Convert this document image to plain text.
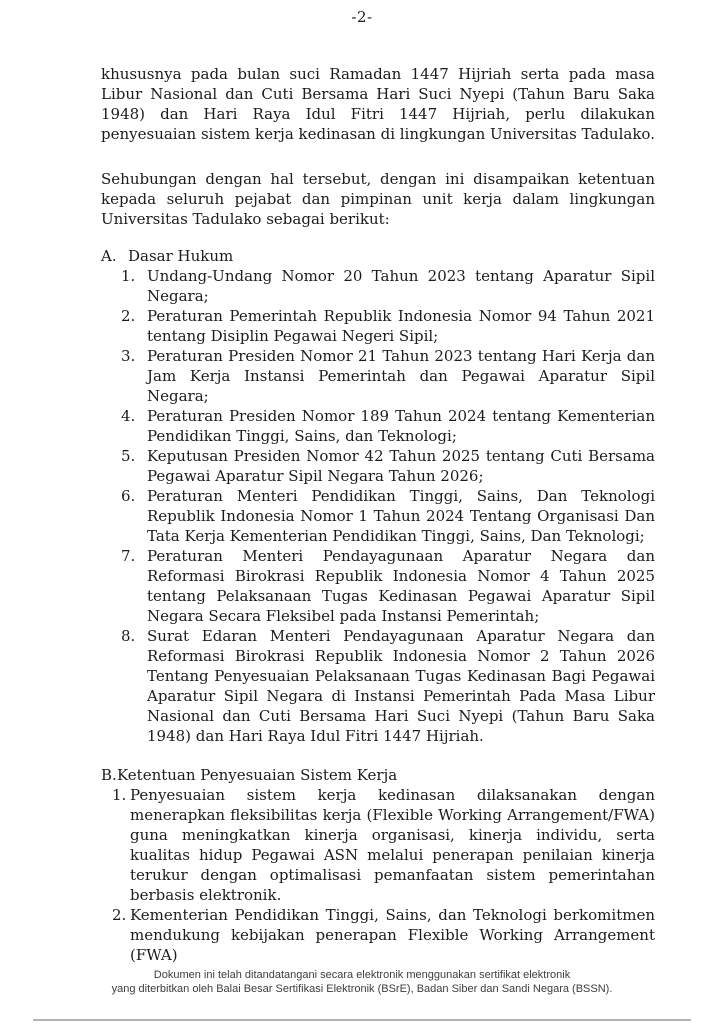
-2-

khususnya pada bulan suci Ramadan 1447 Hijriah serta pada masa Libur Nasional dan Cuti Bersama Hari Suci Nyepi (Tahun Baru Saka 1948) dan Hari Raya Idul Fitri 1447 Hijriah, perlu dilakukan penyesuaian sistem kerja kedinasan di lingkungan Universitas Tadulako.

Sehubungan dengan hal tersebut, dengan ini disampaikan ketentuan kepada seluruh pejabat dan pimpinan unit kerja dalam lingkungan Universitas Tadulako sebagai berikut:

A. Dasar Hukum
1. Undang-Undang Nomor 20 Tahun 2023 tentang Aparatur Sipil Negara;
2. Peraturan Pemerintah Republik Indonesia Nomor 94 Tahun 2021 tentang Disiplin Pegawai Negeri Sipil;
3. Peraturan Presiden Nomor 21 Tahun 2023 tentang Hari Kerja dan Jam Kerja Instansi Pemerintah dan Pegawai Aparatur Sipil Negara;
4. Peraturan Presiden Nomor 189 Tahun 2024 tentang Kementerian Pendidikan Tinggi, Sains, dan Teknologi;
5. Keputusan Presiden Nomor 42 Tahun 2025 tentang Cuti Bersama Pegawai Aparatur Sipil Negara Tahun 2026;
6. Peraturan Menteri Pendidikan Tinggi, Sains, Dan Teknologi Republik Indonesia Nomor 1 Tahun 2024 Tentang Organisasi Dan Tata Kerja Kementerian Pendidikan Tinggi, Sains, Dan Teknologi;
7. Peraturan Menteri Pendayagunaan Aparatur Negara dan Reformasi Birokrasi Republik Indonesia Nomor 4 Tahun 2025 tentang Pelaksanaan Tugas Kedinasan Pegawai Aparatur Sipil Negara Secara Fleksibel pada Instansi Pemerintah;
8. Surat Edaran Menteri Pendayagunaan Aparatur Negara dan Reformasi Birokrasi Republik Indonesia Nomor 2 Tahun 2026 Tentang Penyesuaian Pelaksanaan Tugas Kedinasan Bagi Pegawai Aparatur Sipil Negara di Instansi Pemerintah Pada Masa Libur Nasional dan Cuti Bersama Hari Suci Nyepi (Tahun Baru Saka 1948) dan Hari Raya Idul Fitri 1447 Hijriah.
B. Ketentuan Penyesuaian Sistem Kerja
1. Penyesuaian sistem kerja kedinasan dilaksanakan dengan menerapkan fleksibilitas kerja (Flexible Working Arrangement/FWA) guna meningkatkan kinerja organisasi, kinerja individu, serta kualitas hidup Pegawai ASN melalui penerapan penilaian kinerja terukur dengan optimalisasi pemanfaatan sistem pemerintahan berbasis elektronik.
2. Kementerian Pendidikan Tinggi, Sains, dan Teknologi berkomitmen mendukung kebijakan penerapan Flexible Working Arrangement (FWA)
Dokumen ini telah ditandatangani secara elektronik menggunakan sertifikat elektronik
yang diterbitkan oleh Balai Besar Sertifikasi Elektronik (BSrE), Badan Siber dan Sandi Negara (BSSN).
